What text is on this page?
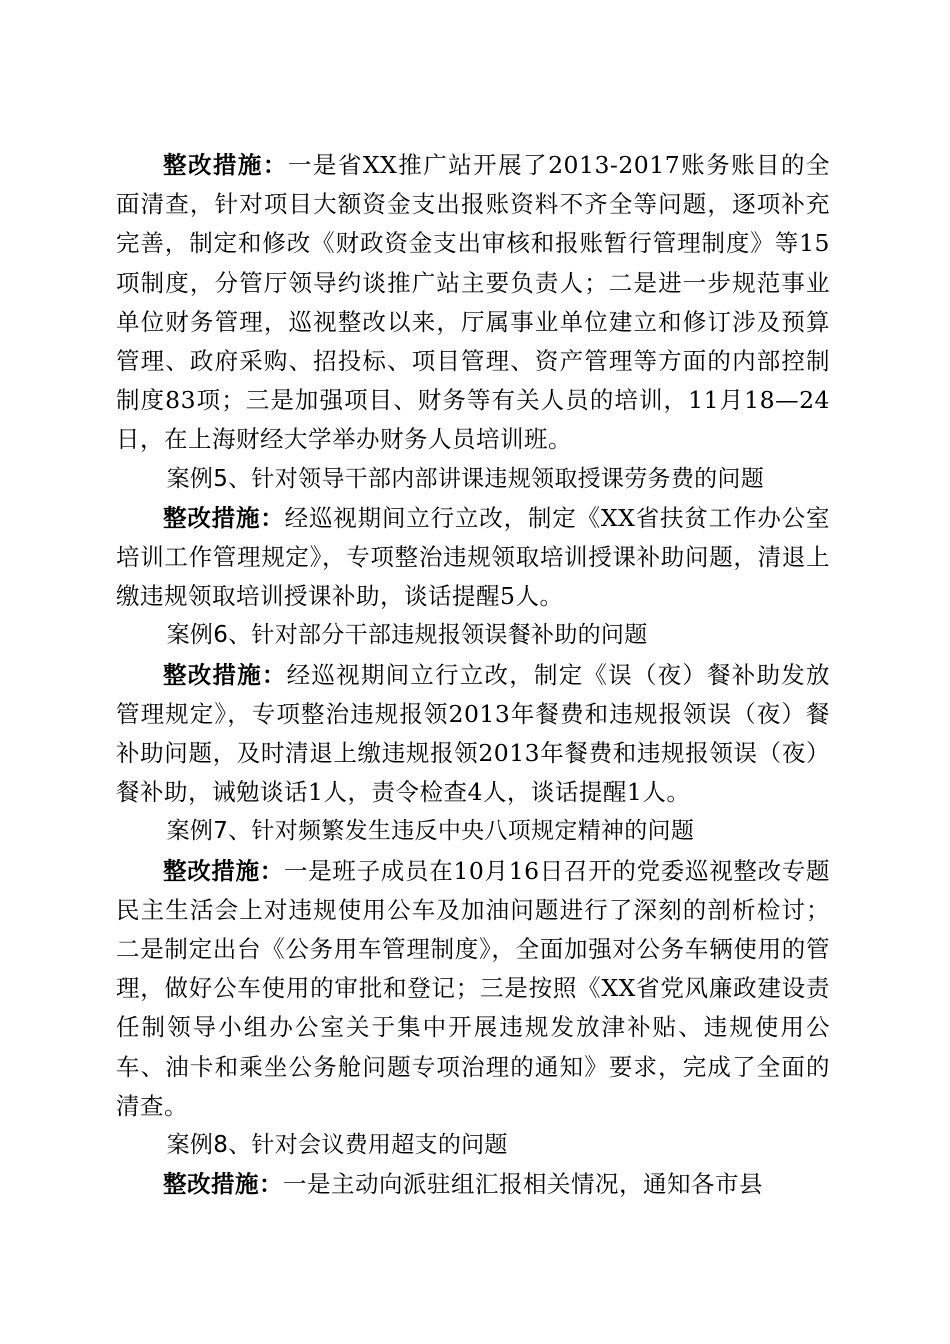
整改措施：一是省XX推广站开展了2013-2017账务账目的全面清查，针对项目大额资金支出报账资料不齐全等问题，逐项补充完善，制定和修改《财政资金支出审核和报账暂行管理制度》等15项制度，分管厅领导约谈推广站主要负责人；二是进一步规范事业单位财务管理，巡视整改以来，厅属事业单位建立和修订涉及预算管理、政府采购、招投标、项目管理、资产管理等方面的内部控制制度83项；三是加强项目、财务等有关人员的培训，11月18—24日，在上海财经大学举办财务人员培训班。

案例5、针对领导干部内部讲课违规领取授课劳务费的问题

整改措施：经巡视期间立行立改，制定《XX省扶贫工作办公室培训工作管理规定》，专项整治违规领取培训授课补助问题，清退上缴违规领取培训授课补助，谈话提醒5人。

案例6、针对部分干部违规报领误餐补助的问题

整改措施：经巡视期间立行立改，制定《误（夜）餐补助发放管理规定》，专项整治违规报领2013年餐费和违规报领误（夜）餐补助问题，及时清退上缴违规报领2013年餐费和违规报领误（夜）餐补助，诫勉谈话1人，责令检查4人，谈话提醒1人。

案例7、针对频繁发生违反中央八项规定精神的问题

整改措施：一是班子成员在10月16日召开的党委巡视整改专题民主生活会上对违规使用公车及加油问题进行了深刻的剖析检讨；二是制定出台《公务用车管理制度》，全面加强对公务车辆使用的管理，做好公车使用的审批和登记；三是按照《XX省党风廉政建设责任制领导小组办公室关于集中开展违规发放津补贴、违规使用公车、油卡和乘坐公务舱问题专项治理的通知》要求，完成了全面的清查。

案例8、针对会议费用超支的问题

整改措施：一是主动向派驻组汇报相关情况，通知各市县
